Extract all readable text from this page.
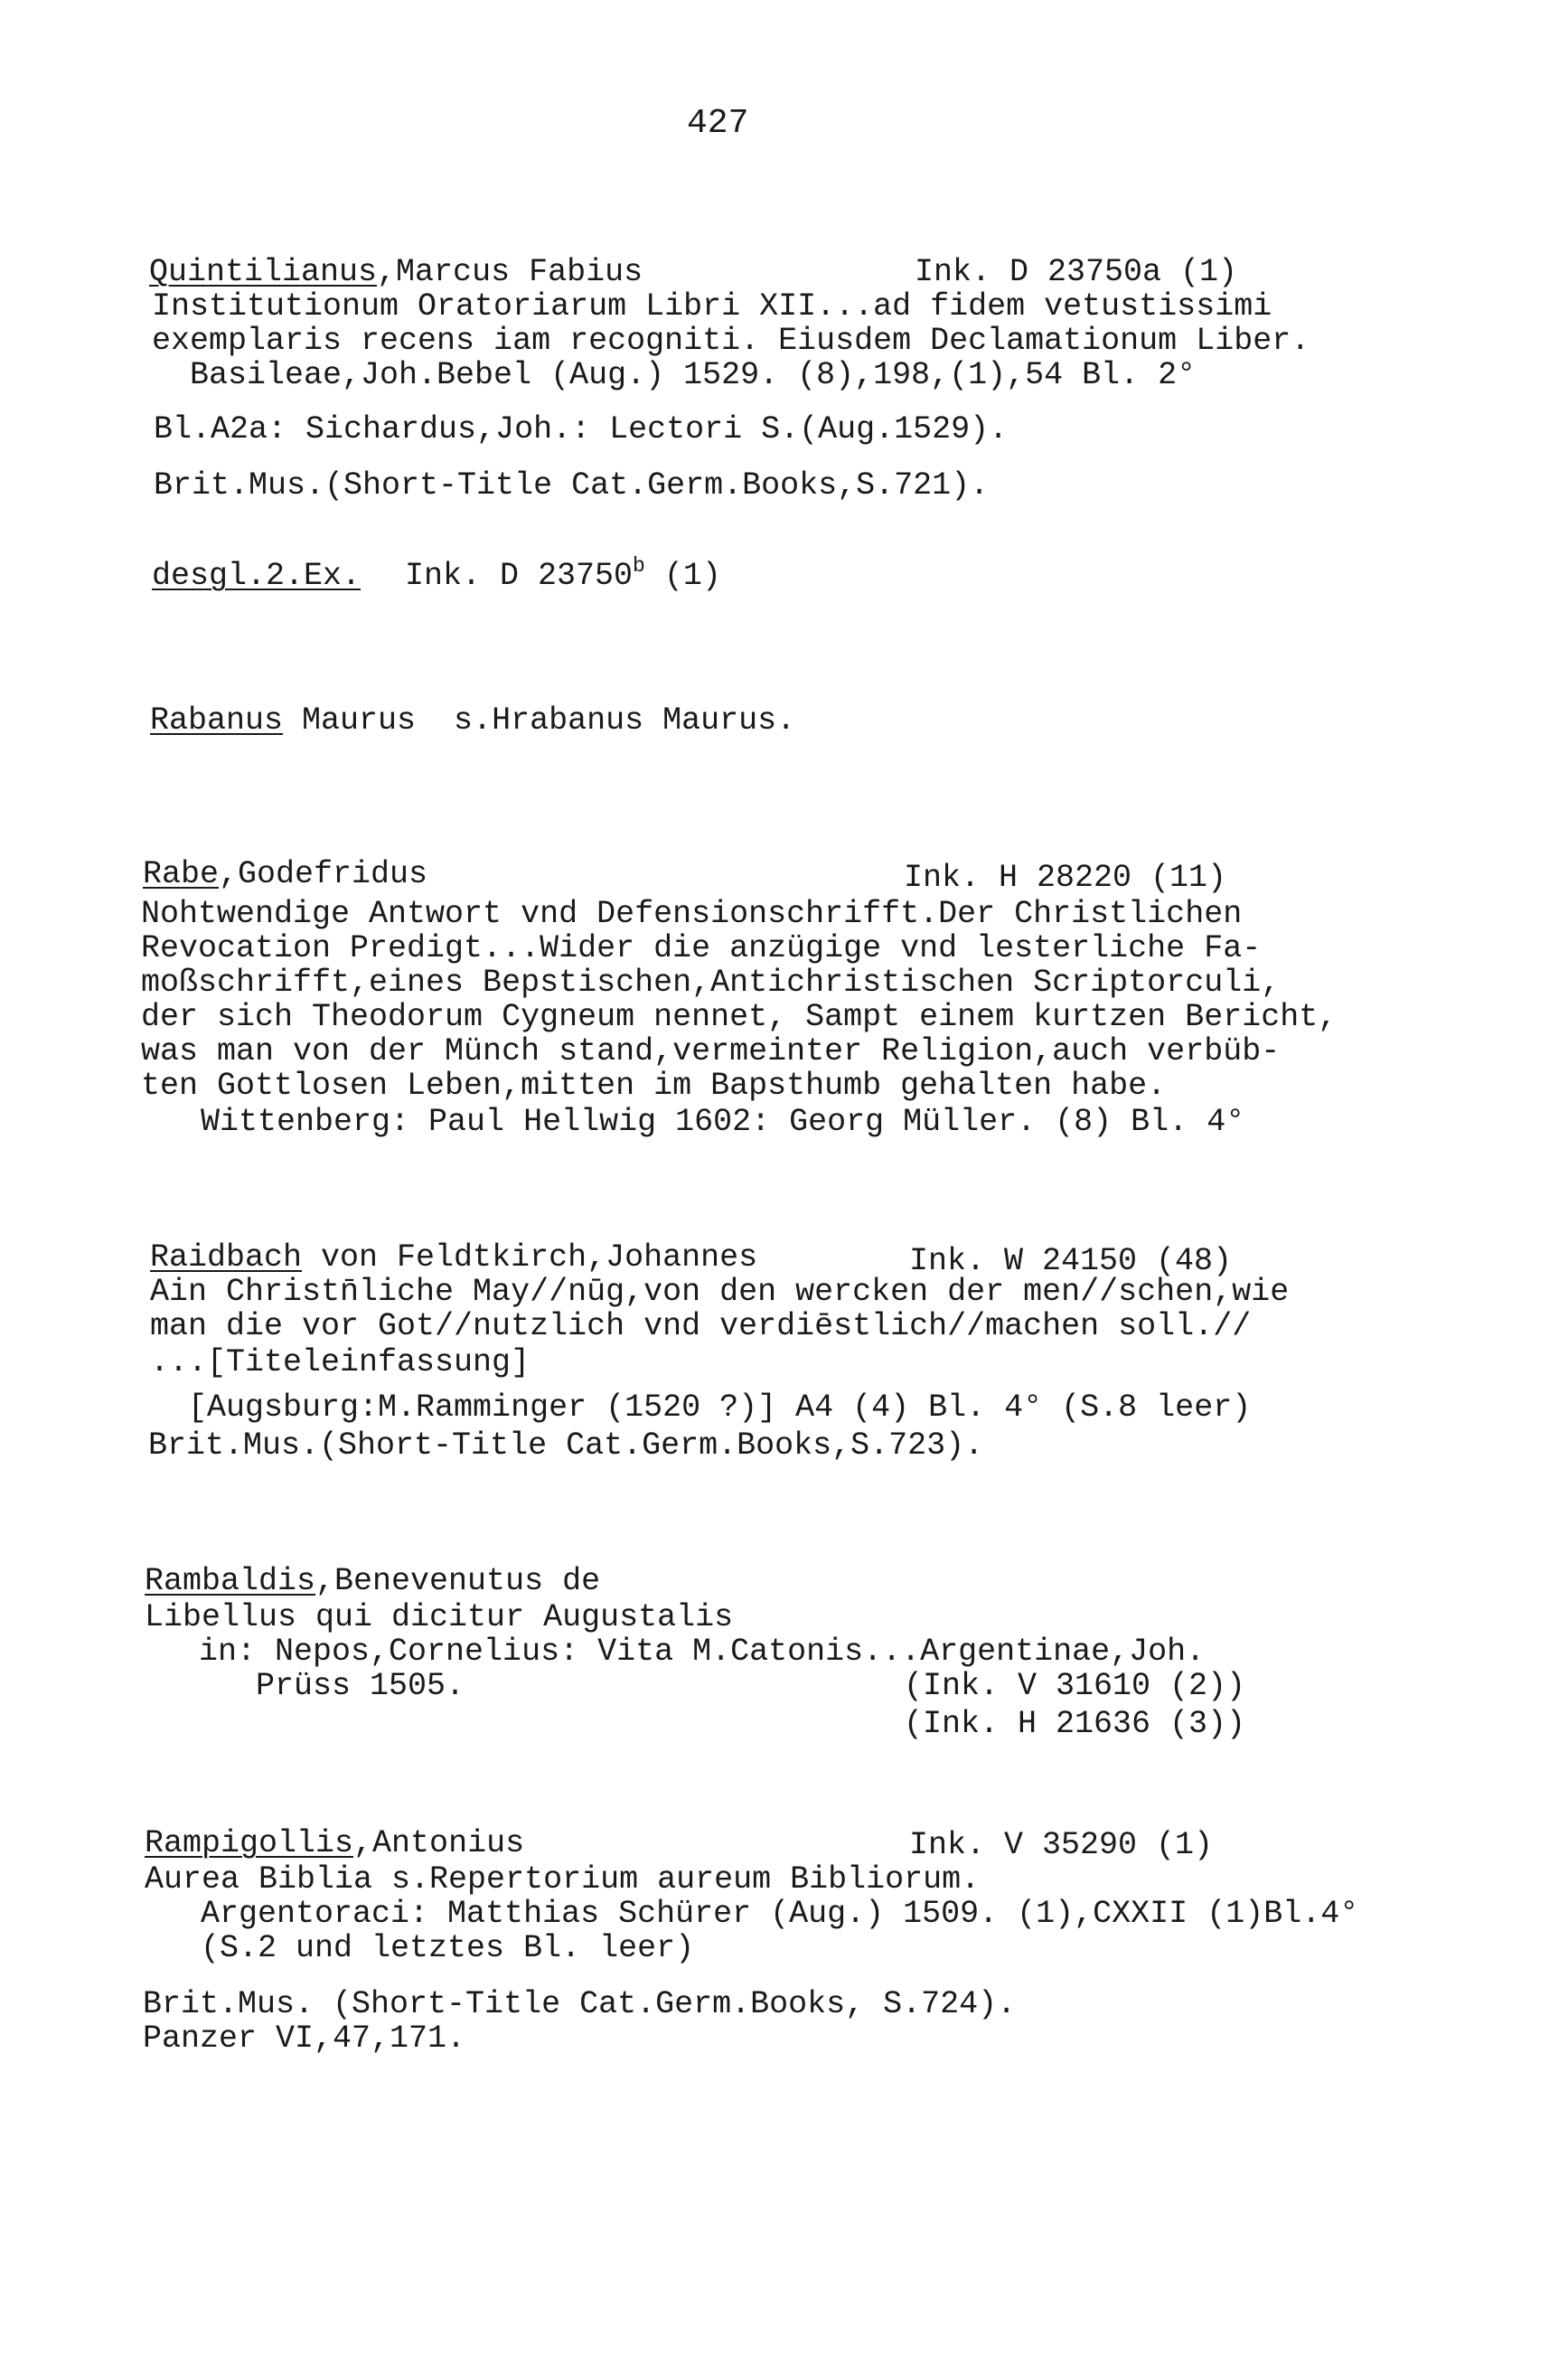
427
Quintilianus,Marcus Fabius	Ink. D 23750a (1)
Institutionum Oratoriarum Libri XII...ad fidem vetustissimi
exemplaris recens iam recogniti. Eiusdem Declamationum Liber.
Basileae,Joh.Bebel (Aug.) 1529. (8),198,(1),54 Bl. 2°
Bl.A2a: Sichardus,Joh.: Lectori S.(Aug.1529).
Brit.Mus.(Short-Title Cat.Germ.Books,S.721).
desgl.2.Ex. Ink. D 23750$^b$ (1)
Rabanus Maurus  s.Hrabanus Maurus.
Rabe,Godefridus	Ink. H 28220 (11)
Nohtwendige Antwort vnd Defensionschrifft.Der Christlichen
Revocation Predigt...Wider die anzügige vnd lesterliche Fa-
moßschrifft,eines Bepstischen,Antichristischen Scriptorculi,
der sich Theodorum Cygneum nennet, Sampt einem kurtzen Bericht,
was man von der Münch stand,vermeinter Religion,auch verbüb-
ten Gottlosen Leben,mitten im Bapsthumb gehalten habe.
Wittenberg: Paul Hellwig 1602: Georg Müller. (8) Bl. 4°
Raidbach von Feldtkirch,Johannes	Ink. W 24150 (48)
Ain Christn̄liche May//nūg,von den wercken der men//schen,wie
man die vor Got//nutzlich vnd verdiēstlich//machen soll.//
...[Titeleinfassung]
[Augsburg:M.Ramminger (1520 ?)] A4 (4) Bl. 4° (S.8 leer)
Brit.Mus.(Short-Title Cat.Germ.Books,S.723).
Rambaldis,Benevenutus de
Libellus qui dicitur Augustalis
in: Nepos,Cornelius: Vita M.Catonis...Argentinae,Joh.
Prüss 1505.	(Ink. V 31610 (2))
(Ink. H 21636 (3))
Rampigollis,Antonius	Ink. V 35290 (1)
Aurea Biblia s.Repertorium aureum Bibliorum.
Argentoraci: Matthias Schürer (Aug.) 1509. (1),CXXII (1)Bl.4°
(S.2 und letztes Bl. leer)
Brit.Mus. (Short-Title Cat.Germ.Books, S.724).
Panzer VI,47,171.
